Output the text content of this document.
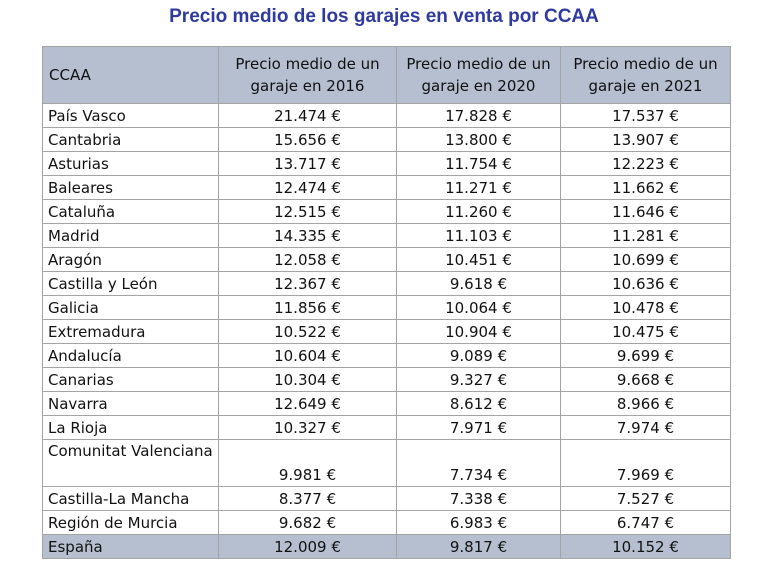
Precio medio de los garajes en venta por CCAA
CCAA	Precio medio de un garaje en 2016	Precio medio de un garaje en 2020	Precio medio de un garaje en 2021
País Vasco	21.474 €	17.828 €	17.537 €
Cantabria	15.656 €	13.800 €	13.907 €
Asturias	13.717 €	11.754 €	12.223 €
Baleares	12.474 €	11.271 €	11.662 €
Cataluña	12.515 €	11.260 €	11.646 €
Madrid	14.335 €	11.103 €	11.281 €
Aragón	12.058 €	10.451 €	10.699 €
Castilla y León	12.367 €	9.618 €	10.636 €
Galicia	11.856 €	10.064 €	10.478 €
Extremadura	10.522 €	10.904 €	10.475 €
Andalucía	10.604 €	9.089 €	9.699 €
Canarias	10.304 €	9.327 €	9.668 €
Navarra	12.649 €	8.612 €	8.966 €
La Rioja	10.327 €	7.971 €	7.974 €
Comunitat Valenciana	9.981 €	7.734 €	7.969 €
Castilla-La Mancha	8.377 €	7.338 €	7.527 €
Región de Murcia	9.682 €	6.983 €	6.747 €
España	12.009 €	9.817 €	10.152 €
